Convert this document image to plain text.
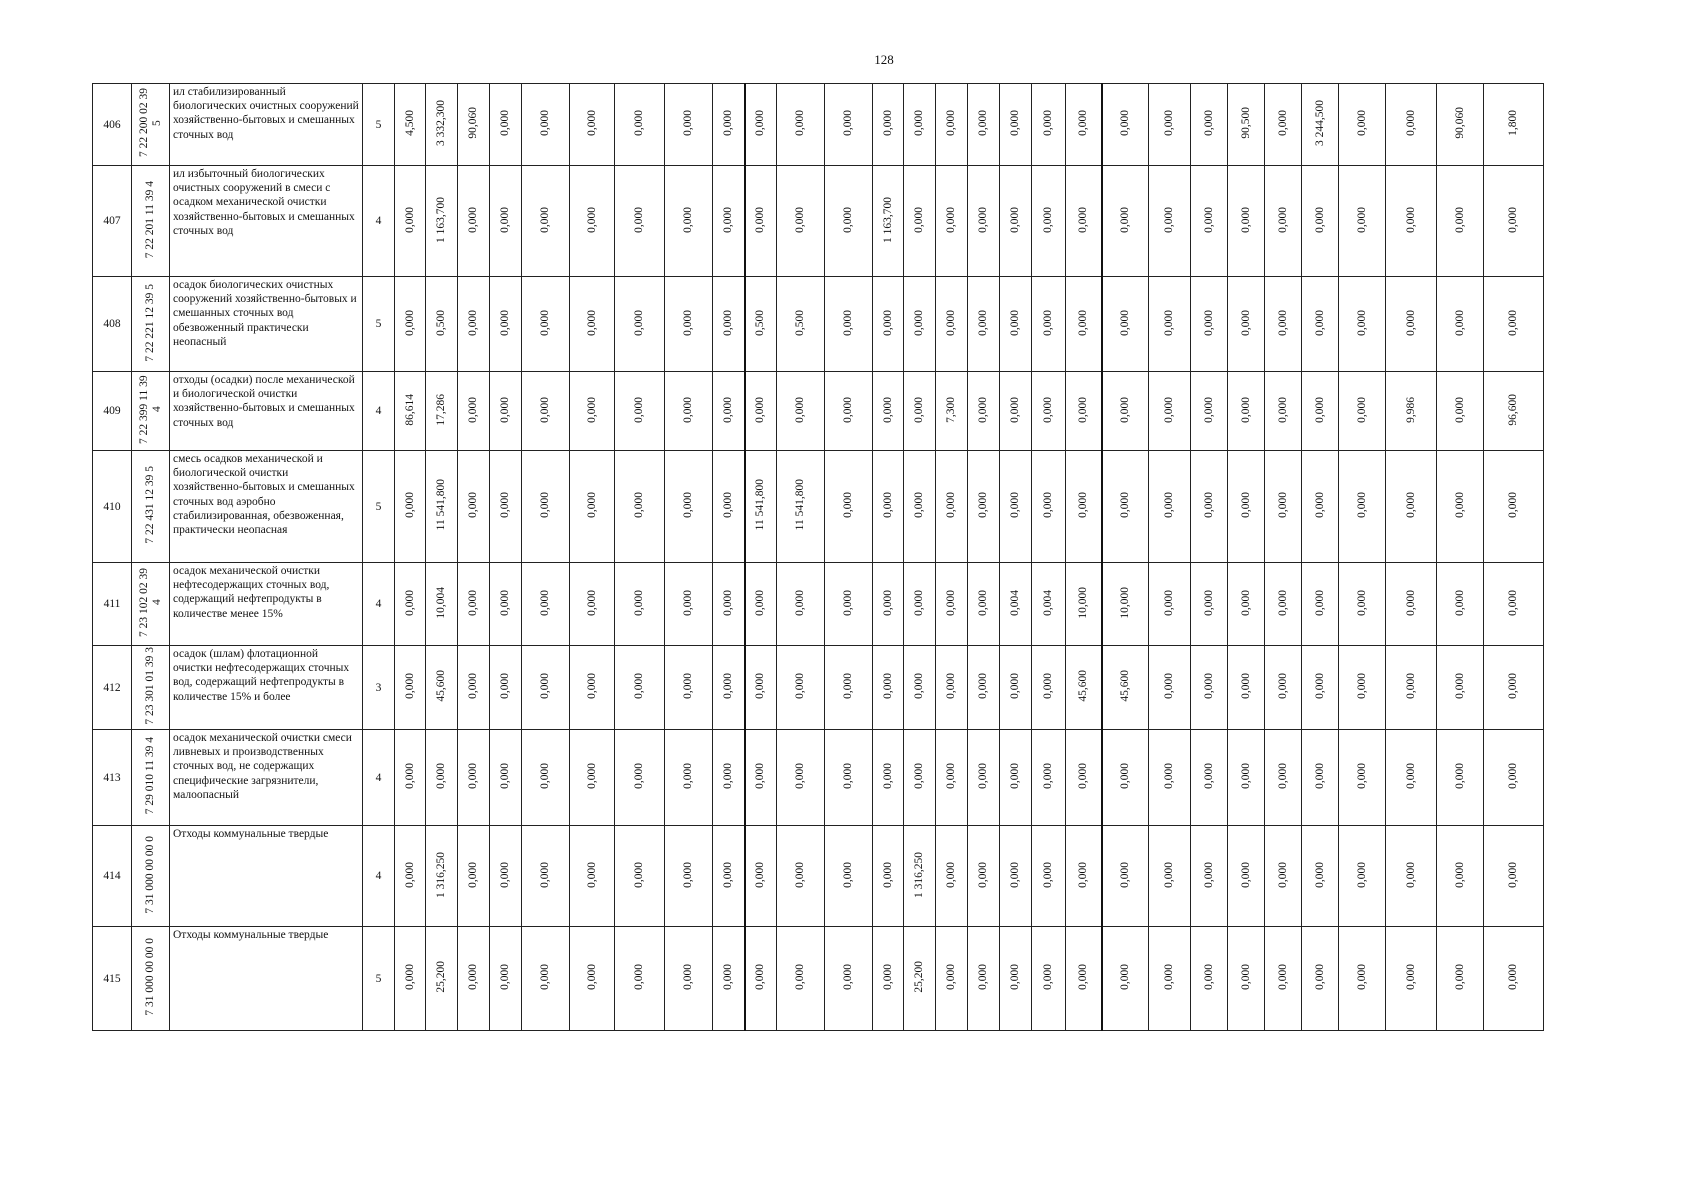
128
406	7 22 200 02 39 5	ил стабилизированный биологических очистных сооружений хозяйственно-бытовых и смешанных сточных вод	5	4,500	3 332,300	90,060	0,000	0,000	0,000	0,000	0,000	0,000	0,000	0,000	0,000	0,000	0,000	0,000	0,000	0,000	0,000	0,000	0,000	0,000	0,000	90,500	0,000	3 244,500	0,000	0,000	90,060	1,800
407	7 22 201 11 39 4	ил избыточный биологических очистных сооружений в смеси с осадком механической очистки хозяйственно-бытовых и смешанных сточных вод	4	0,000	1 163,700	0,000	0,000	0,000	0,000	0,000	0,000	0,000	0,000	0,000	0,000	1 163,700	0,000	0,000	0,000	0,000	0,000	0,000	0,000	0,000	0,000	0,000	0,000	0,000	0,000	0,000	0,000	0,000
408	7 22 221 12 39 5	осадок биологических очистных сооружений хозяйственно-бытовых и смешанных сточных вод обезвоженный практически неопасный	5	0,000	0,500	0,000	0,000	0,000	0,000	0,000	0,000	0,000	0,500	0,500	0,000	0,000	0,000	0,000	0,000	0,000	0,000	0,000	0,000	0,000	0,000	0,000	0,000	0,000	0,000	0,000	0,000	0,000
409	7 22 399 11 39 4	отходы (осадки) после механической и биологической очистки хозяйственно-бытовых и смешанных сточных вод	4	86,614	17,286	0,000	0,000	0,000	0,000	0,000	0,000	0,000	0,000	0,000	0,000	0,000	0,000	7,300	0,000	0,000	0,000	0,000	0,000	0,000	0,000	0,000	0,000	0,000	0,000	9,986	0,000	96,600
410	7 22 431 12 39 5	смесь осадков механической и биологической очистки хозяйственно-бытовых и смешанных сточных вод аэробно стабилизированная, обезвоженная, практически неопасная	5	0,000	11 541,800	0,000	0,000	0,000	0,000	0,000	0,000	0,000	11 541,800	11 541,800	0,000	0,000	0,000	0,000	0,000	0,000	0,000	0,000	0,000	0,000	0,000	0,000	0,000	0,000	0,000	0,000	0,000	0,000
411	7 23 102 02 39 4	осадок механической очистки нефтесодержащих сточных вод, содержащий нефтепродукты в количестве менее 15%	4	0,000	10,004	0,000	0,000	0,000	0,000	0,000	0,000	0,000	0,000	0,000	0,000	0,000	0,000	0,000	0,000	0,004	0,004	10,000	10,000	0,000	0,000	0,000	0,000	0,000	0,000	0,000	0,000	0,000
412	7 23 301 01 39 3	осадок (шлам) флотационной очистки нефтесодержащих сточных вод, содержащий нефтепродукты в количестве 15% и более	3	0,000	45,600	0,000	0,000	0,000	0,000	0,000	0,000	0,000	0,000	0,000	0,000	0,000	0,000	0,000	0,000	0,000	0,000	45,600	45,600	0,000	0,000	0,000	0,000	0,000	0,000	0,000	0,000	0,000
413	7 29 010 11 39 4	осадок механической очистки смеси ливневых и производственных сточных вод, не содержащих специфические загрязнители, малоопасный	4	0,000	0,000	0,000	0,000	0,000	0,000	0,000	0,000	0,000	0,000	0,000	0,000	0,000	0,000	0,000	0,000	0,000	0,000	0,000	0,000	0,000	0,000	0,000	0,000	0,000	0,000	0,000	0,000	0,000
414	7 31 000 00 00 0	Отходы коммунальные твердые	4	0,000	1 316,250	0,000	0,000	0,000	0,000	0,000	0,000	0,000	0,000	0,000	0,000	0,000	1 316,250	0,000	0,000	0,000	0,000	0,000	0,000	0,000	0,000	0,000	0,000	0,000	0,000	0,000	0,000	0,000
415	7 31 000 00 00 0	Отходы коммунальные твердые	5	0,000	25,200	0,000	0,000	0,000	0,000	0,000	0,000	0,000	0,000	0,000	0,000	0,000	25,200	0,000	0,000	0,000	0,000	0,000	0,000	0,000	0,000	0,000	0,000	0,000	0,000	0,000	0,000	0,000
